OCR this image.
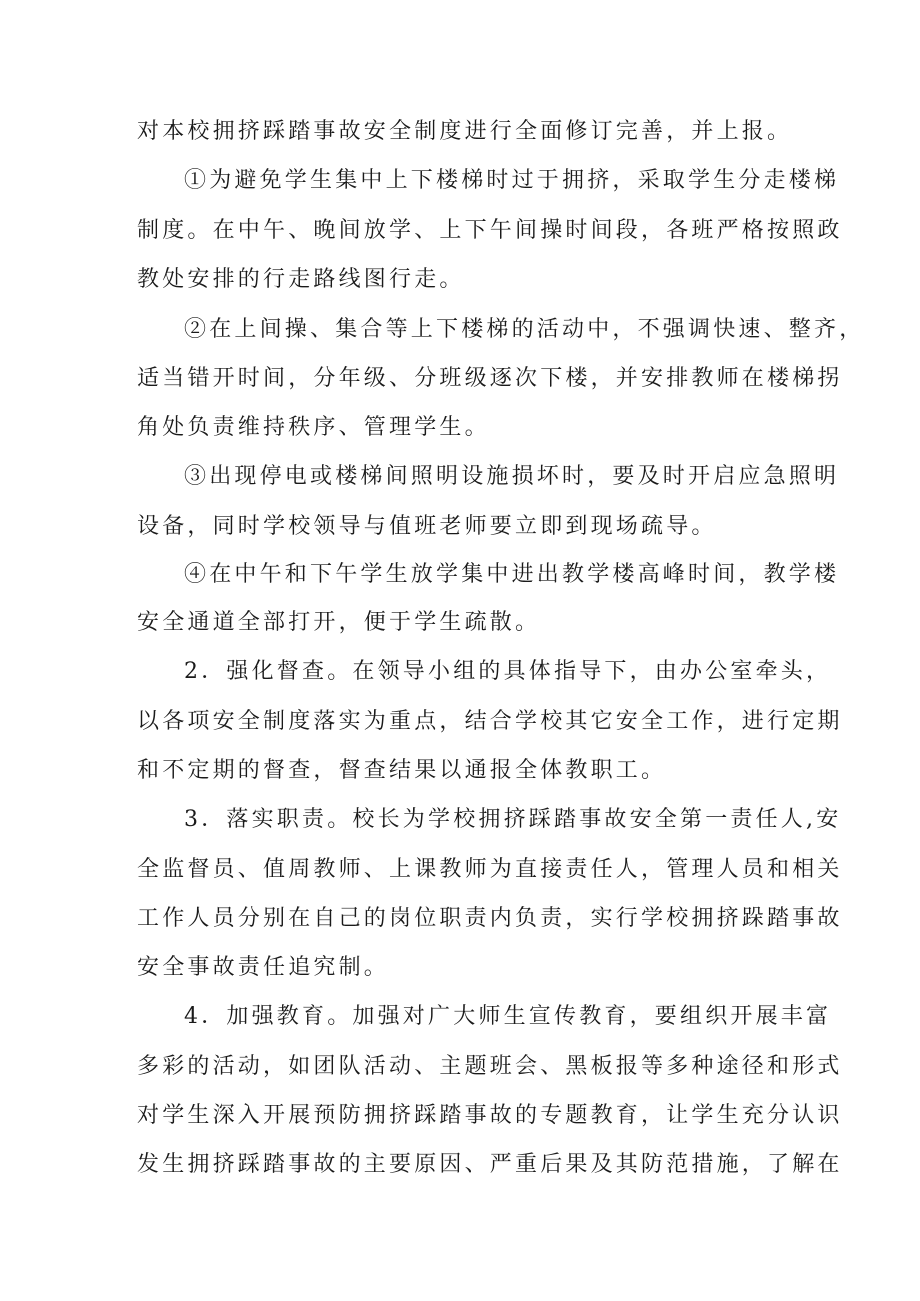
对本校拥挤踩踏事故安全制度进行全面修订完善，并上报。
①为避免学生集中上下楼梯时过于拥挤，采取学生分走楼梯
制度。在中午、晚间放学、上下午间操时间段，各班严格按照政
教处安排的行走路线图行走。
②在上间操、集合等上下楼梯的活动中，不强调快速、整齐，
适当错开时间，分年级、分班级逐次下楼，并安排教师在楼梯拐
角处负责维持秩序、管理学生。
③出现停电或楼梯间照明设施损坏时，要及时开启应急照明
设备，同时学校领导与值班老师要立即到现场疏导。
④在中午和下午学生放学集中进出教学楼高峰时间，教学楼
安全通道全部打开，便于学生疏散。
2．强化督查。在领导小组的具体指导下，由办公室牵头，
以各项安全制度落实为重点，结合学校其它安全工作，进行定期
和不定期的督查，督查结果以通报全体教职工。
3．落实职责。校长为学校拥挤踩踏事故安全第一责任人,安
全监督员、值周教师、上课教师为直接责任人，管理人员和相关
工作人员分别在自己的岗位职责内负责，实行学校拥挤跺踏事故
安全事故责任追究制。
4．加强教育。加强对广大师生宣传教育，要组织开展丰富
多彩的活动，如团队活动、主题班会、黑板报等多种途径和形式
对学生深入开展预防拥挤踩踏事故的专题教育，让学生充分认识
发生拥挤踩踏事故的主要原因、严重后果及其防范措施，了解在
